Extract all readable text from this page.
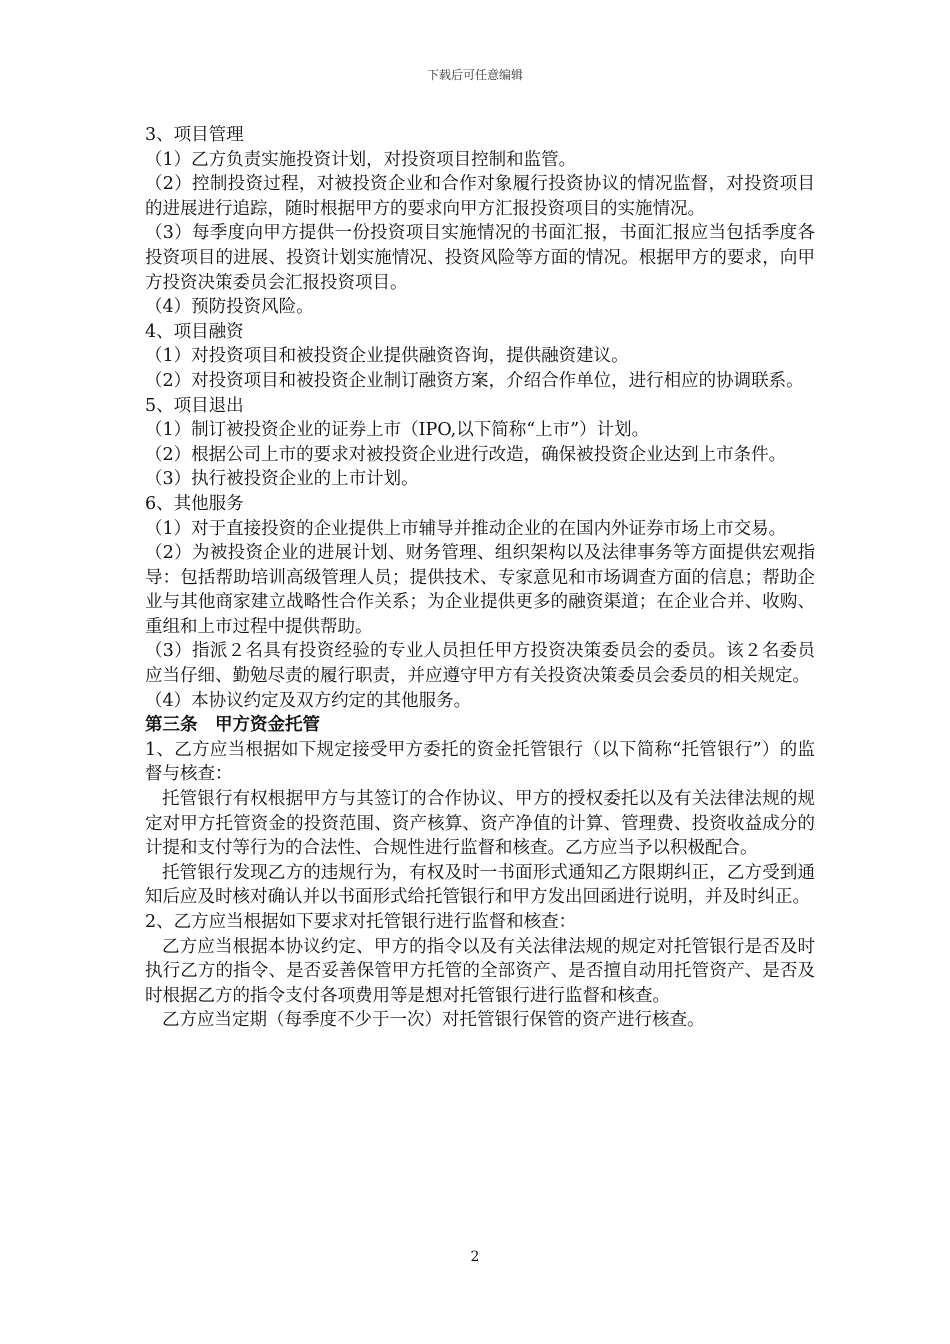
下载后可任意编辑

3、项目管理

（1）乙方负责实施投资计划，对投资项目控制和监管。

（2）控制投资过程，对被投资企业和合作对象履行投资协议的情况监督，对投资项目的进展进行追踪，随时根据甲方的要求向甲方汇报投资项目的实施情况。

（3）每季度向甲方提供一份投资项目实施情况的书面汇报，书面汇报应当包括季度各投资项目的进展、投资计划实施情况、投资风险等方面的情况。根据甲方的要求，向甲方投资决策委员会汇报投资项目。

（4）预防投资风险。

4、项目融资

（1）对投资项目和被投资企业提供融资咨询，提供融资建议。

（2）对投资项目和被投资企业制订融资方案，介绍合作单位，进行相应的协调联系。

5、项目退出

（1）制订被投资企业的证券上市（IPO,以下简称“上市”）计划。

（2）根据公司上市的要求对被投资企业进行改造，确保被投资企业达到上市条件。

（3）执行被投资企业的上市计划。

6、其他服务

（1）对于直接投资的企业提供上市辅导并推动企业的在国内外证券市场上市交易。

（2）为被投资企业的进展计划、财务管理、组织架构以及法律事务等方面提供宏观指导：包括帮助培训高级管理人员；提供技术、专家意见和市场调查方面的信息；帮助企业与其他商家建立战略性合作关系；为企业提供更多的融资渠道；在企业合并、收购、重组和上市过程中提供帮助。

（3）指派２名具有投资经验的专业人员担任甲方投资决策委员会的委员。该２名委员应当仔细、勤勉尽责的履行职责，并应遵守甲方有关投资决策委员会委员的相关规定。

（4）本协议约定及双方约定的其他服务。

第三条　甲方资金托管

1、乙方应当根据如下规定接受甲方委托的资金托管银行（以下简称“托管银行”）的监督与核查：

托管银行有权根据甲方与其签订的合作协议、甲方的授权委托以及有关法律法规的规定对甲方托管资金的投资范围、资产核算、资产净值的计算、管理费、投资收益成分的计提和支付等行为的合法性、合规性进行监督和核查。乙方应当予以积极配合。

托管银行发现乙方的违规行为，有权及时一书面形式通知乙方限期纠正，乙方受到通知后应及时核对确认并以书面形式给托管银行和甲方发出回函进行说明，并及时纠正。

2、乙方应当根据如下要求对托管银行进行监督和核查：

乙方应当根据本协议约定、甲方的指令以及有关法律法规的规定对托管银行是否及时执行乙方的指令、是否妥善保管甲方托管的全部资产、是否擅自动用托管资产、是否及时根据乙方的指令支付各项费用等是想对托管银行进行监督和核查。

乙方应当定期（每季度不少于一次）对托管银行保管的资产进行核查。

2
